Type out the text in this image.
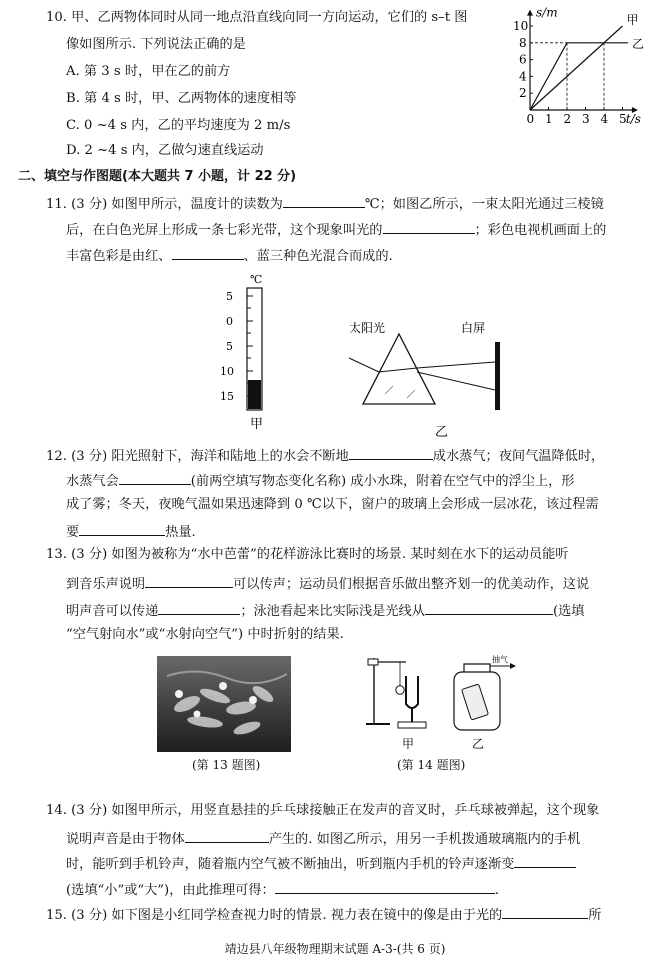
10. 甲、乙两物体同时从同一地点沿直线向同一方向运动，它们的 s–t 图
像如图所示. 下列说法正确的是
A. 第 3 s 时，甲在乙的前方
B. 第 4 s 时，甲、乙两物体的速度相等
C. 0 ~4 s 内，乙的平均速度为 2 m/s
D. 2 ~4 s 内，乙做匀速直线运动
0 1 2 3 4 5
2
4
6
8
10
s/m
t/s
甲
乙
二、填空与作图题(本大题共 7 小题，计 22 分)
11. (3 分) 如图甲所示，温度计的读数为	℃；如图乙所示，一束太阳光通过三棱镜
后，在白色光屏上形成一条七彩光带，这个现象叫光的	；彩色电视机画面上的
丰富色彩是由红、	、蓝三种色光混合而成的.
℃
5
0
5
10
15
甲
太阳光	白屏
乙
12. (3 分) 阳光照射下，海洋和陆地上的水会不断地	成水蒸气；夜间气温降低时，
水蒸气会	(前两空填写物态变化名称) 成小水珠，附着在空气中的浮尘上，形
成了雾；冬天，夜晚气温如果迅速降到 0 ℃以下，窗户的玻璃上会形成一层冰花，该过程需
要	热量.
13. (3 分) 如图为被称为“水中芭蕾”的花样游泳比赛时的场景. 某时刻在水下的运动员能听
到音乐声说明	可以传声；运动员们根据音乐做出整齐划一的优美动作，这说
明声音可以传递	；泳池看起来比实际浅是光线从	(选填
“空气射向水”或“水射向空气”) 中时折射的结果.
(第 13 题图)
甲
抽气
乙
(第 14 题图)
14. (3 分) 如图甲所示，用竖直悬挂的乒乓球接触正在发声的音叉时，乒乓球被弹起，这个现象
说明声音是由于物体	产生的. 如图乙所示，用另一手机拨通玻璃瓶内的手机
时，能听到手机铃声，随着瓶内空气被不断抽出，听到瓶内手机的铃声逐渐变
(选填“小”或“大”)，由此推理可得：	.
15. (3 分) 如下图是小红同学检查视力时的情景. 视力表在镜中的像是由于光的	所
靖边县八年级物理期末试题 A-3-(共 6 页)
